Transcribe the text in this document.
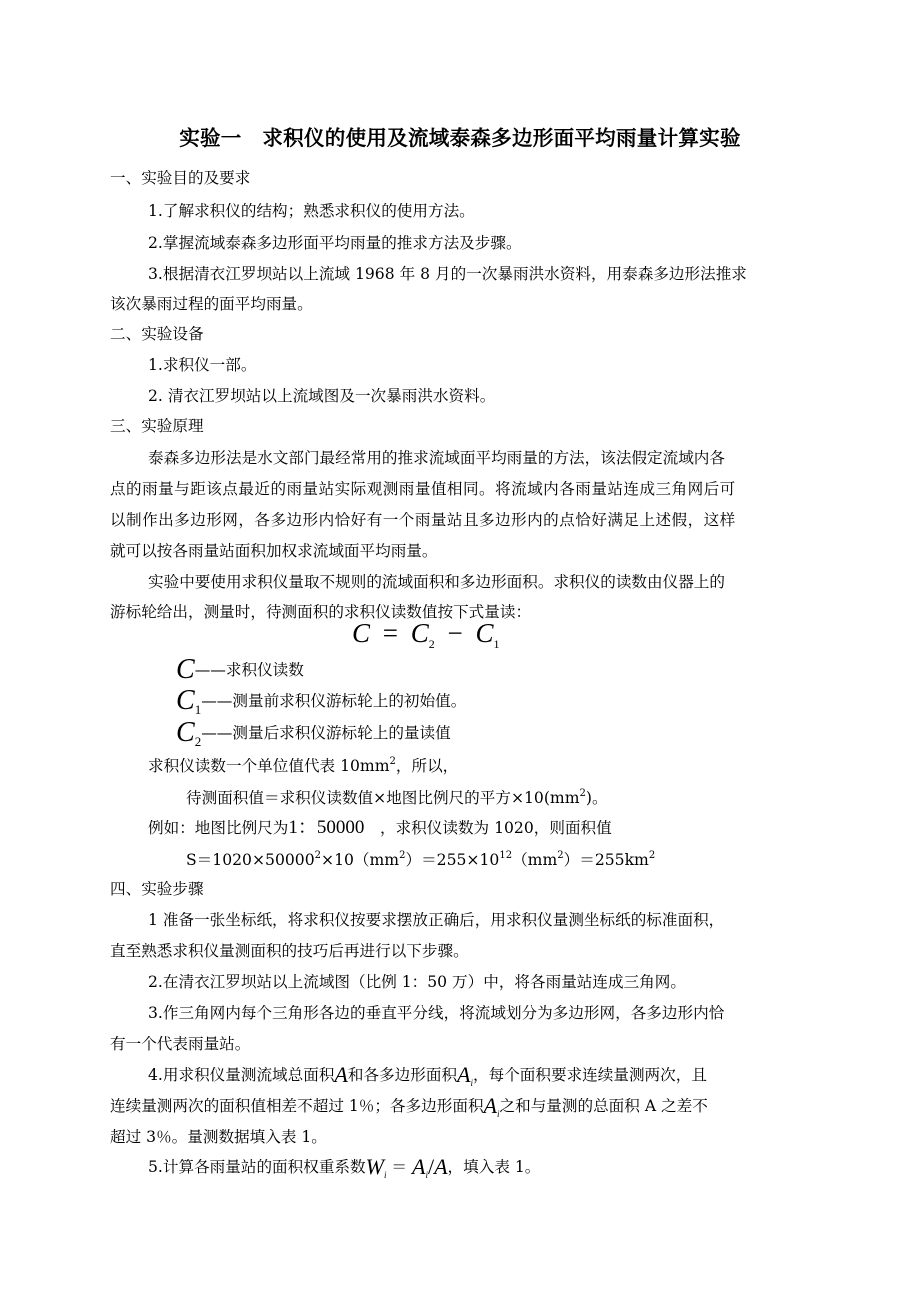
实验一　求积仪的使用及流域泰森多边形面平均雨量计算实验
一、实验目的及要求
1.了解求积仪的结构；熟悉求积仪的使用方法。
2.掌握流域泰森多边形面平均雨量的推求方法及步骤。
3.根据清衣江罗坝站以上流域 1968 年 8 月的一次暴雨洪水资料，用泰森多边形法推求
该次暴雨过程的面平均雨量。
二、实验设备
1.求积仪一部。
2. 清衣江罗坝站以上流域图及一次暴雨洪水资料。
三、实验原理
泰森多边形法是水文部门最经常用的推求流域面平均雨量的方法，该法假定流域内各
点的雨量与距该点最近的雨量站实际观测雨量值相同。将流域内各雨量站连成三角网后可
以制作出多边形网，各多边形内恰好有一个雨量站且多边形内的点恰好满足上述假，这样
就可以按各雨量站面积加权求流域面平均雨量。
实验中要使用求积仪量取不规则的流域面积和多边形面积。求积仪的读数由仪器上的
游标轮给出，测量时，待测面积的求积仪读数值按下式量读：
$C = C_2 - C_1$
C——求积仪读数
$C_1——$测量前求积仪游标轮上的初始值。
$C_2——$测量后求积仪游标轮上的量读值
求积仪读数一个单位值代表 $10mm^2$，所以，
待测面积值＝求积仪读数值×地图比例尺的平方$\times 10(mm^2)$。
例如：地图比例尺为1：50000　，求积仪读数为 1020，则面积值
$S=1020\times 50000^2\times 10(mm^2)=255\times 10^{12}(mm^2)=255km^2$
四、实验步骤
1 准备一张坐标纸，将求积仪按要求摆放正确后，用求积仪量测坐标纸的标准面积，
直至熟悉求积仪量测面积的技巧后再进行以下步骤。
2.在清衣江罗坝站以上流域图（比例 1：50 万）中，将各雨量站连成三角网。
3.作三角网内每个三角形各边的垂直平分线，将流域划分为多边形网，各多边形内恰
有一个代表雨量站。
4.用求积仪量测流域总面积A和各多边形面积$A_i$，每个面积要求连续量测两次，且
连续量测两次的面积值相差不超过 1％；各多边形面积$A_i$之和与量测的总面积 A 之差不
超过 3％。量测数据填入表 1。
5.计算各雨量站的面积权重系数$W_i = A_i/A$，填入表 1。
